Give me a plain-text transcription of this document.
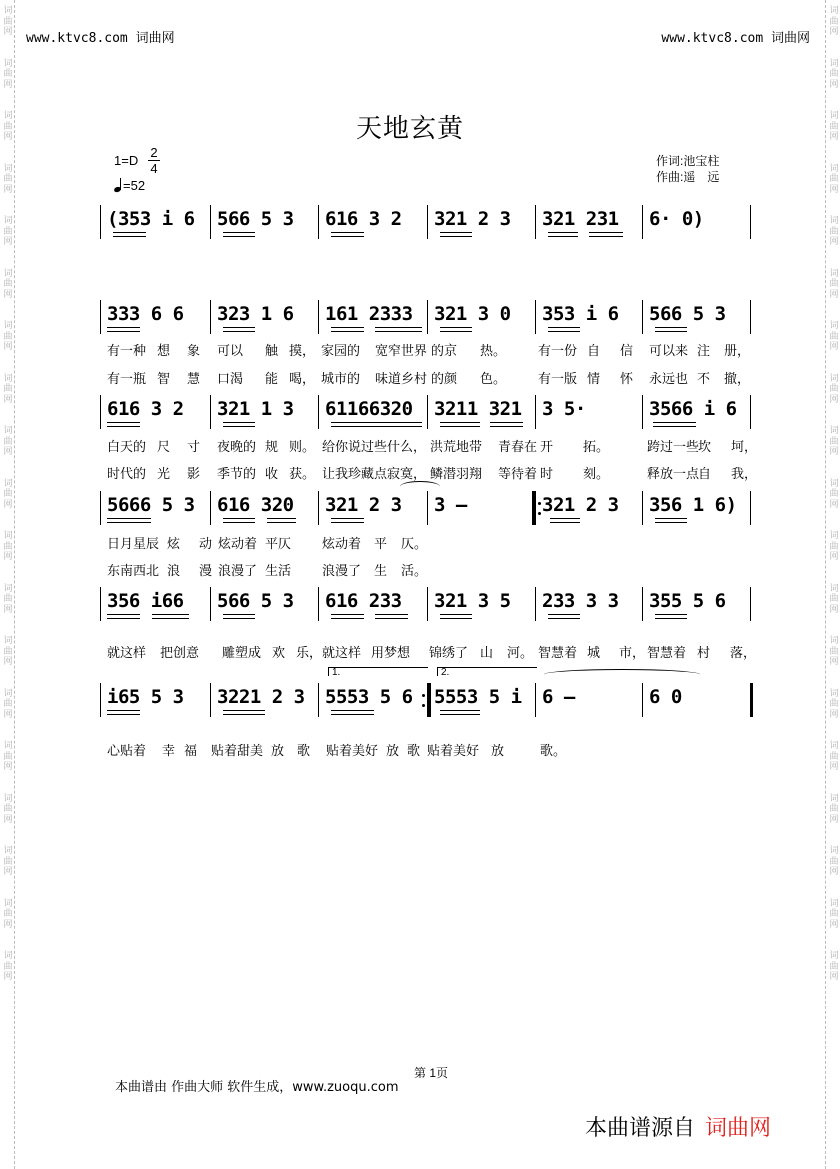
词
曲
网

词
曲
网

词
曲
网

词
曲
网

词
曲
网

词
曲
网

词
曲
网

词
曲
网

词
曲
网

词
曲
网

词
曲
网

词
曲
网

词
曲
网

词
曲
网

词
曲
网

词
曲
网

词
曲
网

词
曲
网

词
曲
网
词
曲
网

词
曲
网

词
曲
网

词
曲
网

词
曲
网

词
曲
网

词
曲
网

词
曲
网

词
曲
网

词
曲
网

词
曲
网

词
曲
网

词
曲
网

词
曲
网

词
曲
网

词
曲
网

词
曲
网

词
曲
网

词
曲
网
www.ktvc8.com 词曲网	www.ktvc8.com 词曲网
天地玄黄
1=D
2
4
=52
作词:池宝柱
作曲:遥　远
(353 i 6	566 5 3	616 3 2	321 2 3	321 231	6· 0)
333 6 6	323 1 6	161 2333	321 3 0	353 i 6	566 5 3
有一种 想 象 可以 触 摸， 家园的 宽窄世界 的京 热。 有一份 自 信 可以来 注 册，
有一瓶 智 慧 口渴 能 喝， 城市的 味道乡村 的颜 色。 有一版 情 怀 永远也 不 撤，
616 3 2	321 1 3	61166320	3211 321	3 5·	3566 i 6
白天的 尺 寸 夜晚的 规 则。 给你说过些什么， 洪荒地带 青春在 开 拓。	跨过一些
坎 坷，
时代的 光 影 季节的 收 获。 让我珍藏点寂寞， 鳞潜羽翔 等待着 时 刻。	释放一点
自 我，
5666 5 3	616 320	321 2 3	3 —	321 2 3	356 1 6)
日月星辰 炫 动 炫动着 平仄 炫动着 平 仄。
东南西北 浪 漫 浪漫了 生活 浪漫了 生 活。
356 i66	566 5 3	616 233	321 3 5	233 3 3	355 5 6
就这样 把创意 雕塑成 欢 乐， 就这样 用梦想 锦绣了 山 河。 智慧着 城 市， 智慧着 村 落，
i65 5 3	3221 2 3	5553 5 6	5553 5 i	6 —	6 0
心贴着 幸 福 贴着甜美 放 歌 贴着美好 放 歌 贴着美好 放	歌。
1.	2.
第 1页
本曲谱由 作曲大师 软件生成，www.zuoqu.com
本曲谱源自 词曲网
